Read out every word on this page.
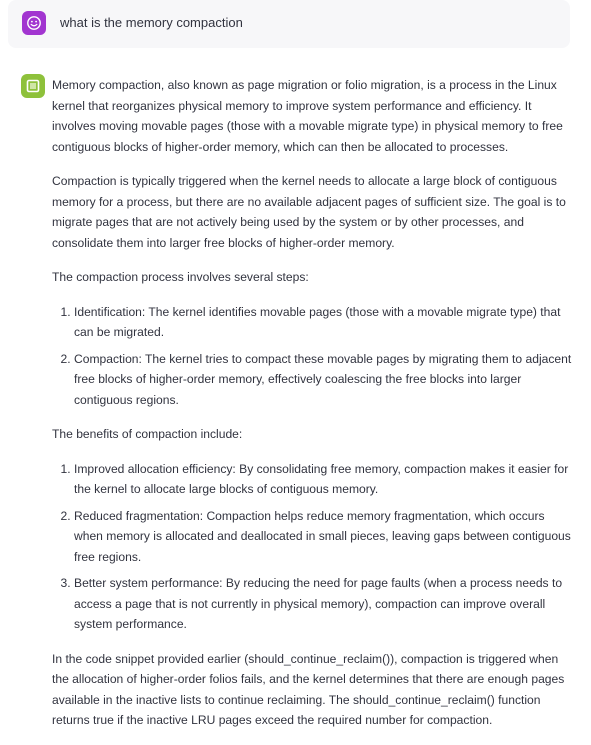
what is the memory compaction

Memory compaction, also known as page migration or folio migration, is a process in the Linux kernel that reorganizes physical memory to improve system performance and efficiency. It involves moving movable pages (those with a movable migrate type) in physical memory to free contiguous blocks of higher-order memory, which can then be allocated to processes.

Compaction is typically triggered when the kernel needs to allocate a large block of contiguous memory for a process, but there are no available adjacent pages of sufficient size. The goal is to migrate pages that are not actively being used by the system or by other processes, and consolidate them into larger free blocks of higher-order memory.

The compaction process involves several steps:

1. Identification: The kernel identifies movable pages (those with a movable migrate type) that can be migrated.
2. Compaction: The kernel tries to compact these movable pages by migrating them to adjacent free blocks of higher-order memory, effectively coalescing the free blocks into larger contiguous regions.

The benefits of compaction include:

1. Improved allocation efficiency: By consolidating free memory, compaction makes it easier for the kernel to allocate large blocks of contiguous memory.
2. Reduced fragmentation: Compaction helps reduce memory fragmentation, which occurs when memory is allocated and deallocated in small pieces, leaving gaps between contiguous free regions.
3. Better system performance: By reducing the need for page faults (when a process needs to access a page that is not currently in physical memory), compaction can improve overall system performance.

In the code snippet provided earlier (should_continue_reclaim()), compaction is triggered when the allocation of higher-order folios fails, and the kernel determines that there are enough pages available in the inactive lists to continue reclaiming. The should_continue_reclaim() function returns true if the inactive LRU pages exceed the required number for compaction.
